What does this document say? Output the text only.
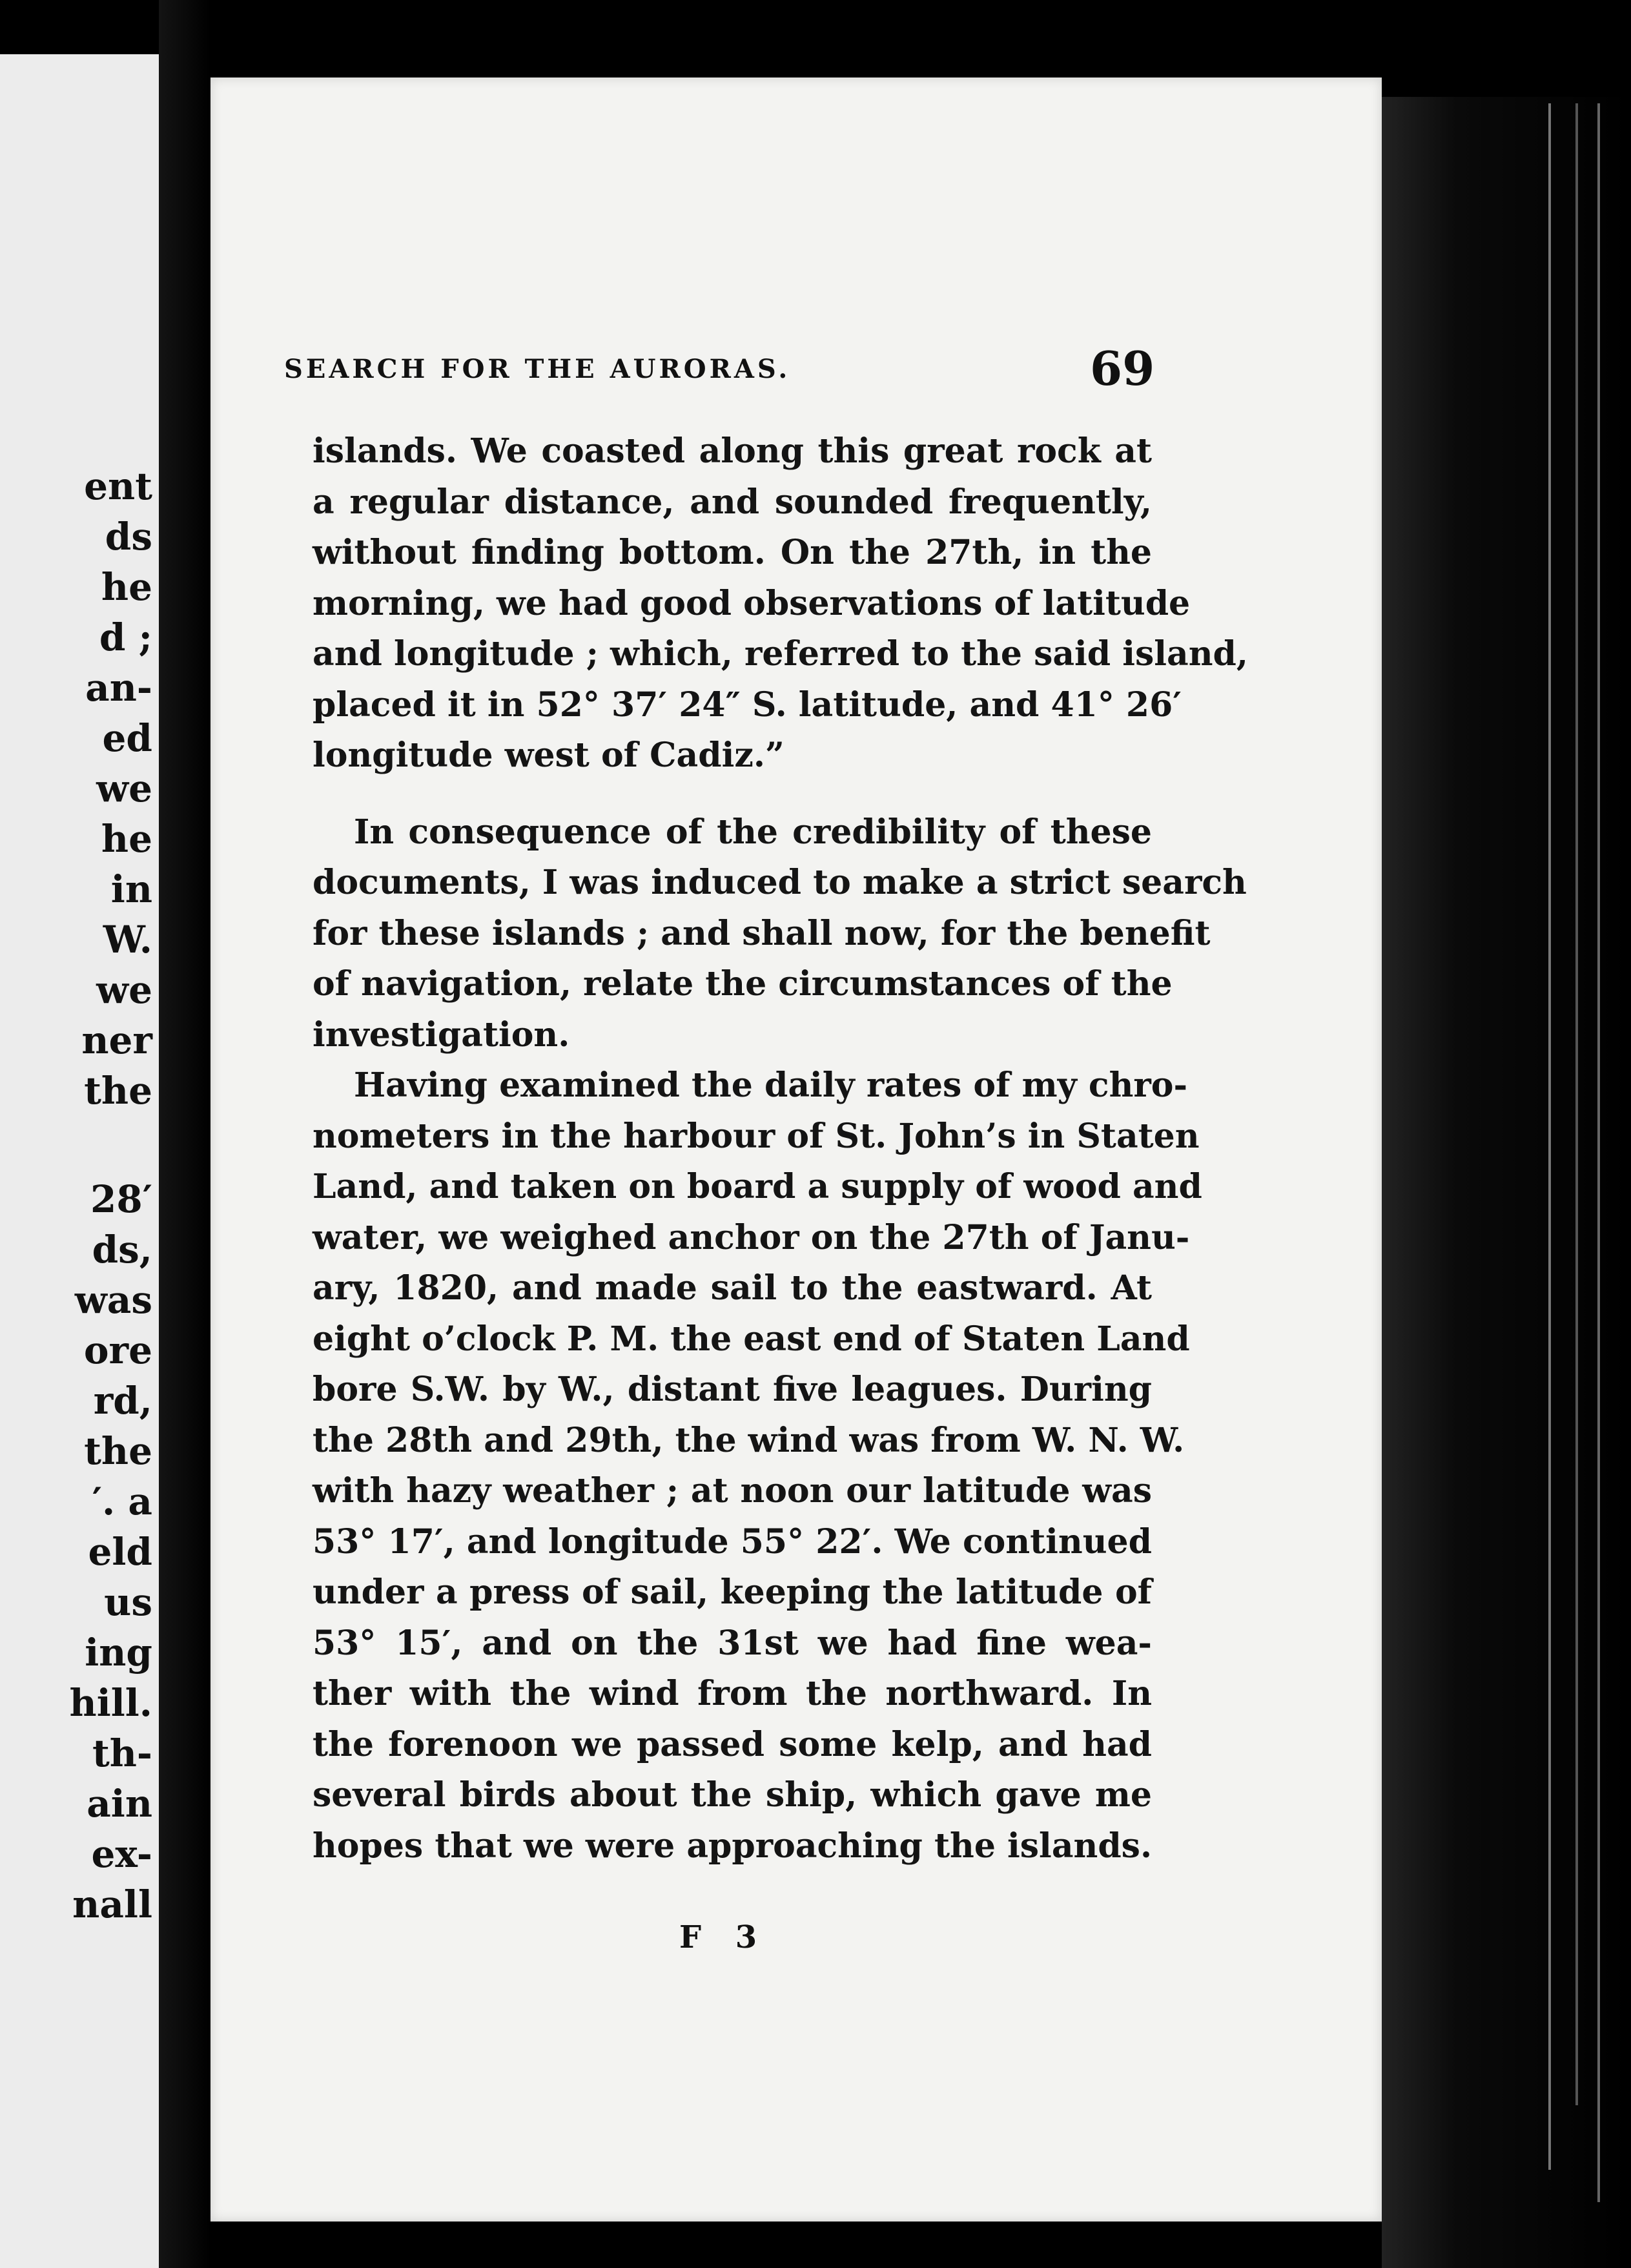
ent
ds
he
d ;
an-
ed
we
he
in
W.
we
ner
the
28′
ds,
was
ore
rd,
the
′. a
eld
us
ing
hill.
th-
ain
ex-
nall
SEARCH FOR THE AURORAS.	69
islands. We coasted along this great rock at
a regular distance, and sounded frequently,
without finding bottom. On the 27th, in the
morning, we had good observations of latitude
and longitude ; which, referred to the said island,
placed it in 52° 37′ 24″ S. latitude, and 41° 26′
longitude west of Cadiz.”
In consequence of the credibility of these
documents, I was induced to make a strict search
for these islands ; and shall now, for the benefit
of navigation, relate the circumstances of the
investigation.
Having examined the daily rates of my chro-
nometers in the harbour of St. John’s in Staten
Land, and taken on board a supply of wood and
water, we weighed anchor on the 27th of Janu-
ary, 1820, and made sail to the eastward. At
eight o’clock P. M. the east end of Staten Land
bore S.W. by W., distant five leagues. During
the 28th and 29th, the wind was from W. N. W.
with hazy weather ; at noon our latitude was
53° 17′, and longitude 55° 22′. We continued
under a press of sail, keeping the latitude of
53° 15′, and on the 31st we had fine wea-
ther with the wind from the northward. In
the forenoon we passed some kelp, and had
several birds about the ship, which gave me
hopes that we were approaching the islands.
F 3
